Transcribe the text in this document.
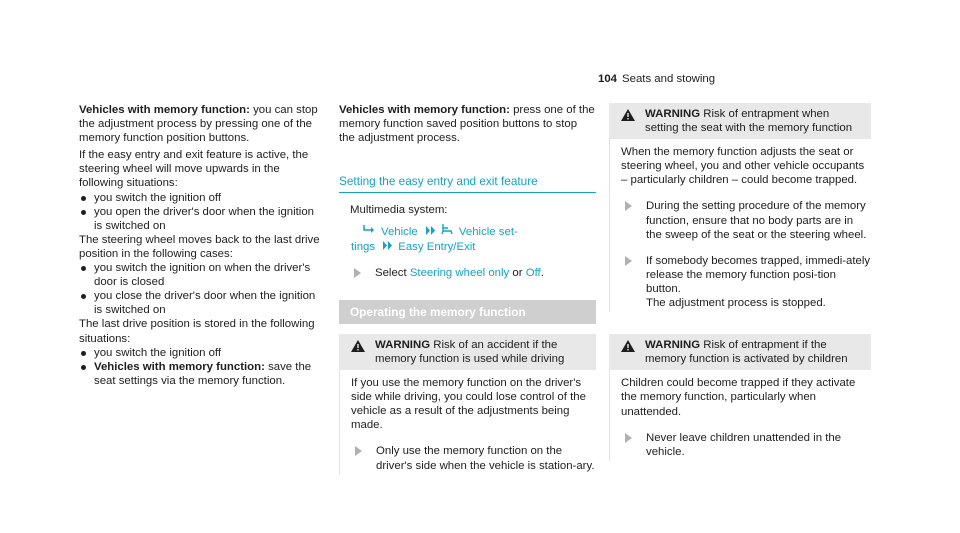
104 Seats and stowing

Vehicles with memory function: you can stop the adjustment process by pressing one of the memory function position buttons.

If the easy entry and exit feature is active, the steering wheel will move upwards in the following situations:

you switch the ignition off
you open the driver's door when the ignition is switched on

The steering wheel moves back to the last drive position in the following cases:

you switch the ignition on when the driver's door is closed
you close the driver's door when the ignition is switched on

The last drive position is stored in the following situations:

you switch the ignition off
Vehicles with memory function: save the seat settings via the memory function.

Vehicles with memory function: press one of the memory function saved position buttons to stop the adjustment process.

Setting the easy entry and exit feature

Multimedia system:

Vehicle	Vehicle set-
tings Easy Entry/Exit
Select Steering wheel only or Off.
Operating the memory function
WARNING Risk of an accident if the memory function is used while driving

If you use the memory function on the driver's side while driving, you could lose control of the vehicle as a result of the adjustments being made.

Only use the memory function on the driver's side when the vehicle is station-ary.
WARNING Risk of entrapment when setting the seat with the memory function

When the memory function adjusts the seat or steering wheel, you and other vehicle occupants – particularly children – could become trapped.

During the setting procedure of the memory function, ensure that no body parts are in the sweep of the seat or the steering wheel.
If somebody becomes trapped, immedi-ately release the memory function posi-tion button.
The adjustment process is stopped.
WARNING Risk of entrapment if the memory function is activated by children

Children could become trapped if they activate the memory function, particularly when unattended.

Never leave children unattended in the vehicle.
